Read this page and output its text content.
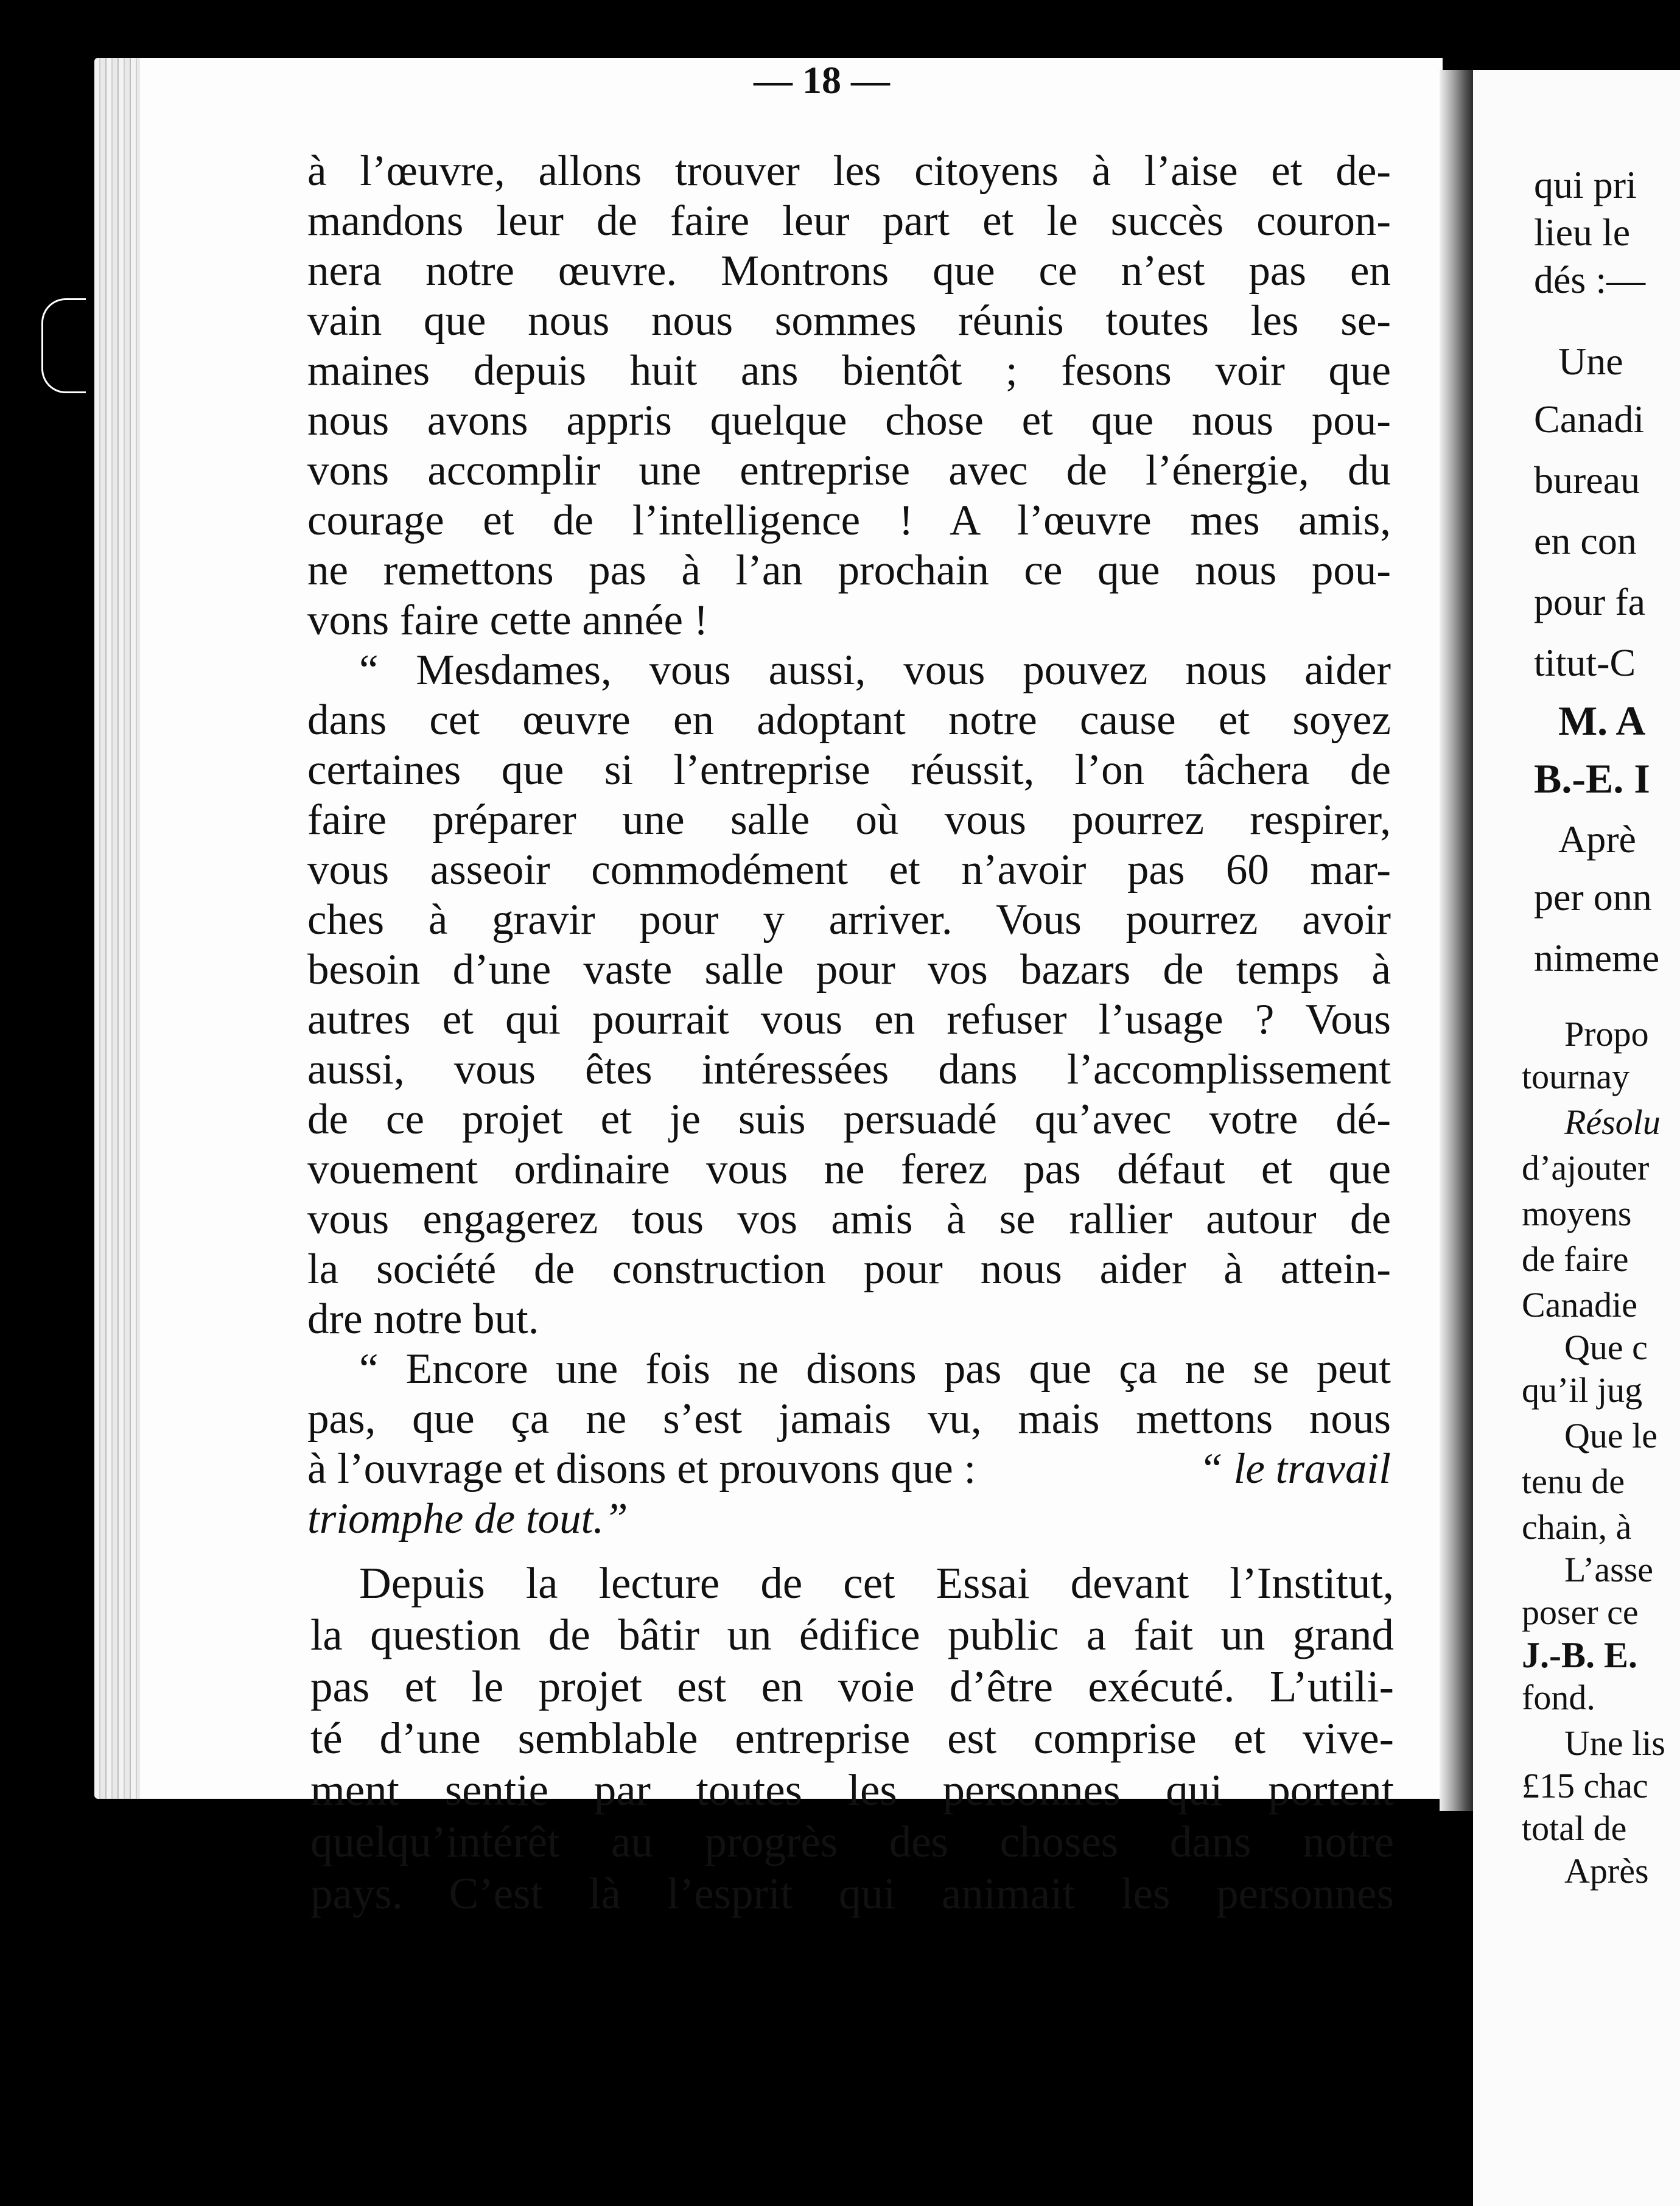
— 18 —
à l’œuvre, allons trouver les citoyens à l’aise et de-
mandons leur de faire leur part et le succès couron-
nera notre œuvre. Montrons que ce n’est pas en
vain que nous nous sommes réunis toutes les se-
maines depuis huit ans bientôt ; fesons voir que
nous avons appris quelque chose et que nous pou-
vons accomplir une entreprise avec de l’énergie, du
courage et de l’intelligence ! A l’œuvre mes amis,
ne remettons pas à l’an prochain ce que nous pou-
vons faire cette année !
“ Mesdames, vous aussi, vous pouvez nous aider
dans cet œuvre en adoptant notre cause et soyez
certaines que si l’entreprise réussit, l’on tâchera de
faire préparer une salle où vous pourrez respirer,
vous asseoir commodément et n’avoir pas 60 mar-
ches à gravir pour y arriver. Vous pourrez avoir
besoin d’une vaste salle pour vos bazars de temps à
autres et qui pourrait vous en refuser l’usage ? Vous
aussi, vous êtes intéressées dans l’accomplissement
de ce projet et je suis persuadé qu’avec votre dé-
vouement ordinaire vous ne ferez pas défaut et que
vous engagerez tous vos amis à se rallier autour de
la société de construction pour nous aider à attein-
dre notre but.
“ Encore une fois ne disons pas que ça ne se peut
pas, que ça ne s’est jamais vu, mais mettons nous
à l’ouvrage et disons et prouvons que :	“ le travail
triomphe de tout.”
Depuis la lecture de cet Essai devant l’Institut,
la question de bâtir un édifice public a fait un grand
pas et le projet est en voie d’être exécuté. L’utili-
té d’une semblable entreprise est comprise et vive-
ment sentie par toutes les personnes qui portent
quelqu’intérêt au progrès des choses dans notre
pays. C’est là l’esprit qui animait les personnes
qui pri
lieu le
dés :—
Une
Canadi
bureau
en con
pour fa
titut-C
M. A
B.-E. I
Aprè
per onn
nimeme
Propo
tournay
Résolu
d’ajouter
moyens
de faire
Canadie
Que c
qu’il jug
Que le
tenu de
chain, à
L’asse
poser ce
J.-B. E.
fond.
Une lis
£15 chac
total de
Après
